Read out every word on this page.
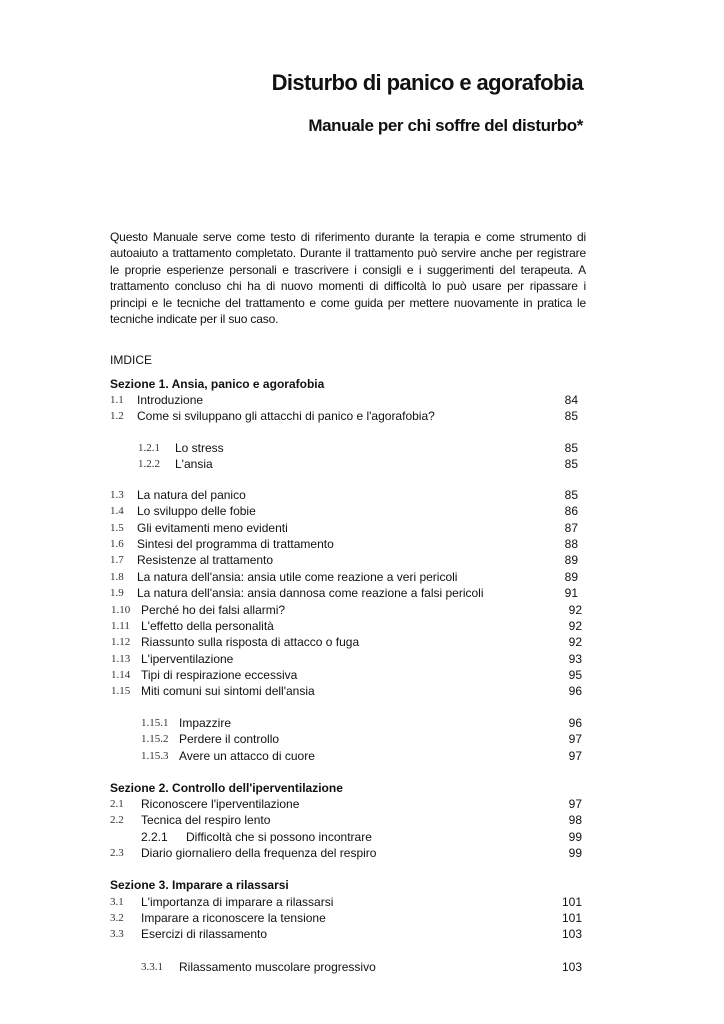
Disturbo di panico e agorafobia
Manuale per chi soffre del disturbo*
Questo Manuale serve come testo di riferimento durante la terapia e come strumento di autoaiuto a trattamento completato. Durante il trattamento può servire anche per registrare le proprie esperienze personali e trascrivere i consigli e i suggerimenti del terapeuta. A trattamento concluso chi ha di nuovo momenti di difficoltà lo può usare per ripassare i principi e le tecniche del trattamento e come guida per mettere nuovamente in pratica le tecniche indicate per il suo caso.
IMDICE
Sezione 1. Ansia, panico e agorafobia
1.1 Introduzione	84
1.2 Come si sviluppano gli attacchi di panico e l'agorafobia?	85
1.2.1 Lo stress	85
1.2.2 L'ansia	85
1.3 La natura del panico	85
1.4 Lo sviluppo delle fobie	86
1.5 Gli evitamenti meno evidenti	87
1.6 Sintesi del programma di trattamento	88
1.7 Resistenze al trattamento	89
1.8 La natura dell'ansia: ansia utile come reazione a veri pericoli	89
1.9 La natura dell'ansia: ansia dannosa come reazione a falsi pericoli	91
1.10 Perché ho dei falsi allarmi?	92
1.11 L'effetto della personalità	92
1.12 Riassunto sulla risposta di attacco o fuga	92
1.13 L'iperventilazione	93
1.14 Tipi di respirazione eccessiva	95
1.15 Miti comuni sui sintomi dell'ansia	96
1.15.1 Impazzire	96
1.15.2 Perdere il controllo	97
1.15.3 Avere un attacco di cuore	97
Sezione 2. Controllo dell'iperventilazione
2.1 Riconoscere l'iperventilazione	97
2.2 Tecnica del respiro lento	98
2.2.1 Difficoltà che si possono incontrare	99
2.3 Diario giornaliero della frequenza del respiro	99
Sezione 3. Imparare a rilassarsi
3.1 L'importanza di imparare a rilassarsi	101
3.2 Imparare a riconoscere la tensione	101
3.3 Esercizi di rilassamento	103
3.3.1 Rilassamento muscolare progressivo	103
